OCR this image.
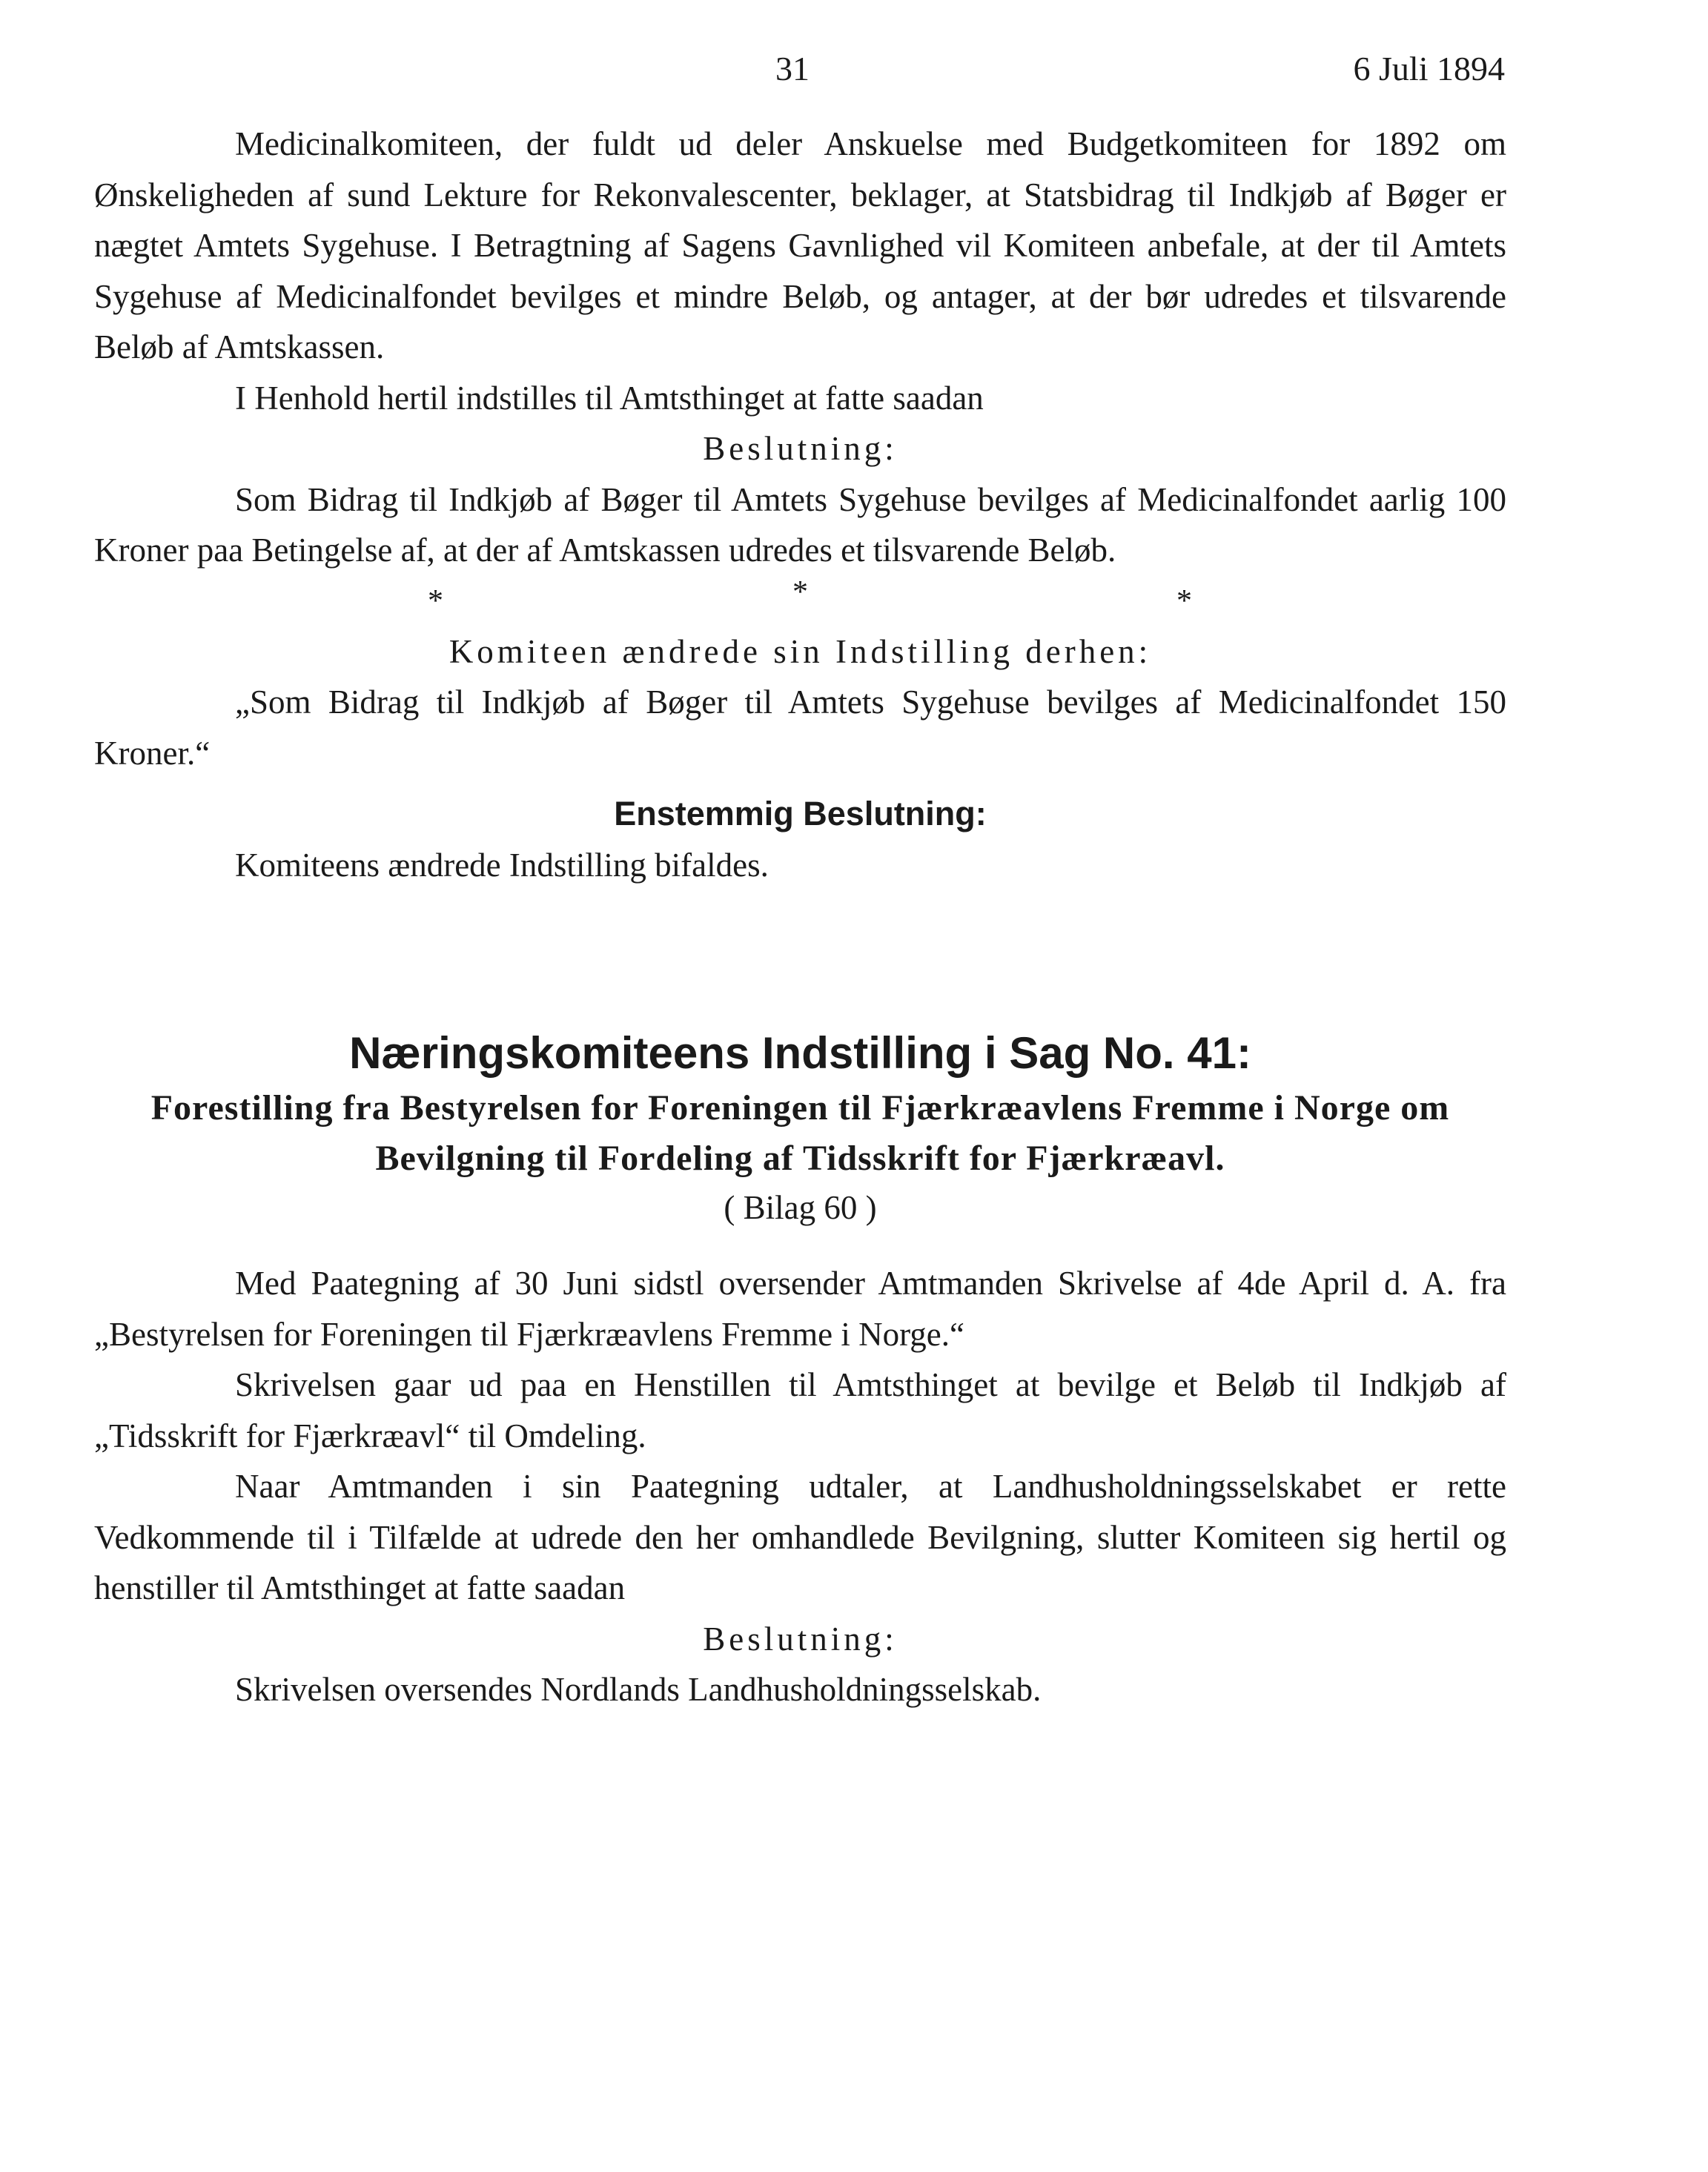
31	6 Juli 1894

Medicinalkomiteen, der fuldt ud deler Anskuelse med Budgetkomiteen for 1892 om Ønskeligheden af sund Lekture for Rekonvalescenter, beklager, at Statsbidrag til Indkjøb af Bøger er nægtet Amtets Sygehuse. I Betragtning af Sagens Gavnlighed vil Komiteen anbefale, at der til Amtets Sygehuse af Medicinalfondet bevilges et mindre Beløb, og antager, at der bør udredes et tilsvarende Beløb af Amtskassen.

I Henhold hertil indstilles til Amtsthinget at fatte saadan

Beslutning:

Som Bidrag til Indkjøb af Bøger til Amtets Sygehuse bevilges af Medicinalfondet aarlig 100 Kroner paa Betingelse af, at der af Amtskassen udredes et tilsvarende Beløb.

*	*	*

Komiteen ændrede sin Indstilling derhen:

„Som Bidrag til Indkjøb af Bøger til Amtets Sygehuse bevilges af Medicinalfondet 150 Kroner.“

Enstemmig Beslutning:

Komiteens ændrede Indstilling bifaldes.

Næringskomiteens Indstilling i Sag No. 41:

Forestilling fra Bestyrelsen for Foreningen til Fjærkræavlens Fremme i Norge om Bevilgning til Fordeling af Tidsskrift for Fjærkræavl.

( Bilag 60 )

Med Paategning af 30 Juni sidstl oversender Amtmanden Skrivelse af 4de April d. A. fra „Bestyrelsen for Foreningen til Fjærkræavlens Fremme i Norge.“

Skrivelsen gaar ud paa en Henstillen til Amtsthinget at bevilge et Beløb til Indkjøb af „Tidsskrift for Fjærkræavl“ til Omdeling.

Naar Amtmanden i sin Paategning udtaler, at Landhusholdningsselskabet er rette Vedkommende til i Tilfælde at udrede den her omhandlede Bevilgning, slutter Komiteen sig hertil og henstiller til Amtsthinget at fatte saadan

Beslutning:

Skrivelsen oversendes Nordlands Landhusholdningsselskab.
